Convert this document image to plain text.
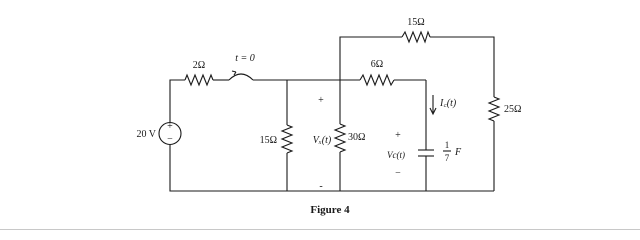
+
−
20 V
2Ω
t = 0
15Ω
+
Vₓ(t)
-
30Ω
6Ω
15Ω
25Ω
I꜀(t)
+
Vc(t)
−
1
7 F
Figure 4
